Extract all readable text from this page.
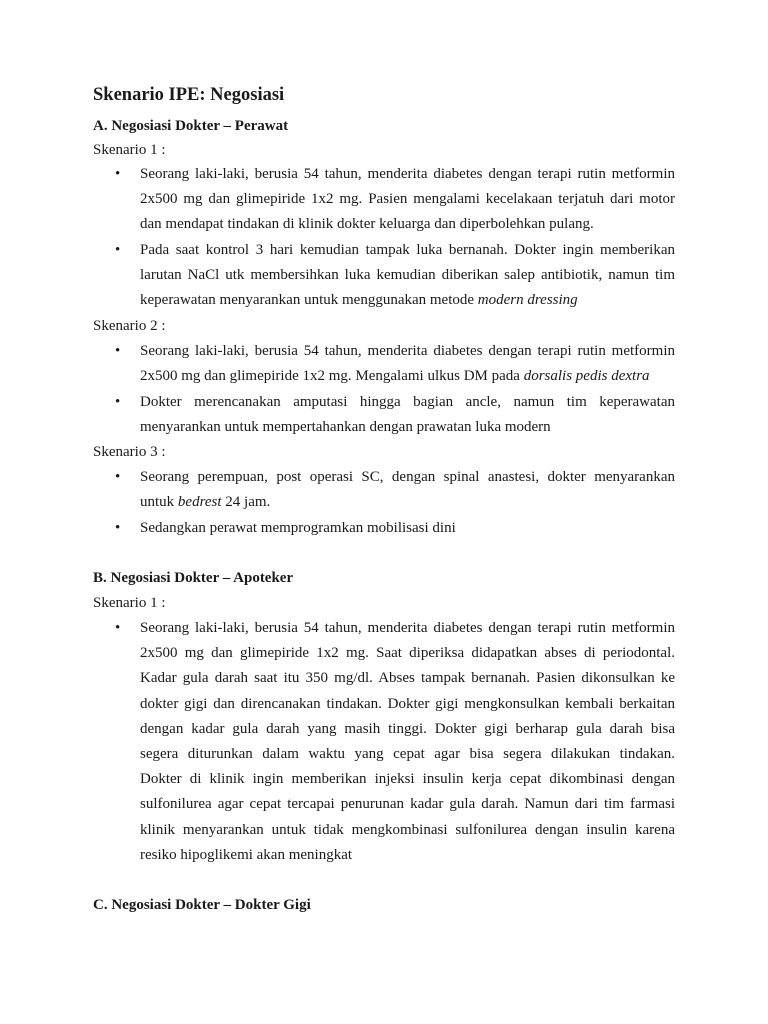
Skenario IPE: Negosiasi
A. Negosiasi Dokter – Perawat
Skenario 1 :
• Seorang laki-laki, berusia 54 tahun, menderita diabetes dengan terapi rutin metformin
2x500 mg dan glimepiride 1x2 mg. Pasien mengalami kecelakaan terjatuh dari motor
dan mendapat tindakan di klinik dokter keluarga dan diperbolehkan pulang.
• Pada saat kontrol 3 hari kemudian tampak luka bernanah. Dokter ingin memberikan
larutan NaCl utk membersihkan luka kemudian diberikan salep antibiotik, namun tim
keperawatan menyarankan untuk menggunakan metode modern dressing
Skenario 2 :
• Seorang laki-laki, berusia 54 tahun, menderita diabetes dengan terapi rutin metformin
2x500 mg dan glimepiride 1x2 mg. Mengalami ulkus DM pada dorsalis pedis dextra
• Dokter merencanakan amputasi hingga bagian ancle, namun tim keperawatan
menyarankan untuk mempertahankan dengan prawatan luka modern
Skenario 3 :
• Seorang perempuan, post operasi SC, dengan spinal anastesi, dokter menyarankan
untuk bedrest 24 jam.
• Sedangkan perawat memprogramkan mobilisasi dini
B. Negosiasi Dokter – Apoteker
Skenario 1 :
• Seorang laki-laki, berusia 54 tahun, menderita diabetes dengan terapi rutin metformin
2x500 mg dan glimepiride 1x2 mg. Saat diperiksa didapatkan abses di periodontal.
Kadar gula darah saat itu 350 mg/dl. Abses tampak bernanah. Pasien dikonsulkan ke
dokter gigi dan direncanakan tindakan. Dokter gigi mengkonsulkan kembali berkaitan
dengan kadar gula darah yang masih tinggi. Dokter gigi berharap gula darah bisa
segera diturunkan dalam waktu yang cepat agar bisa segera dilakukan tindakan.
Dokter di klinik ingin memberikan injeksi insulin kerja cepat dikombinasi dengan
sulfonilurea agar cepat tercapai penurunan kadar gula darah. Namun dari tim farmasi
klinik menyarankan untuk tidak mengkombinasi sulfonilurea dengan insulin karena
resiko hipoglikemi akan meningkat
C. Negosiasi Dokter – Dokter Gigi
